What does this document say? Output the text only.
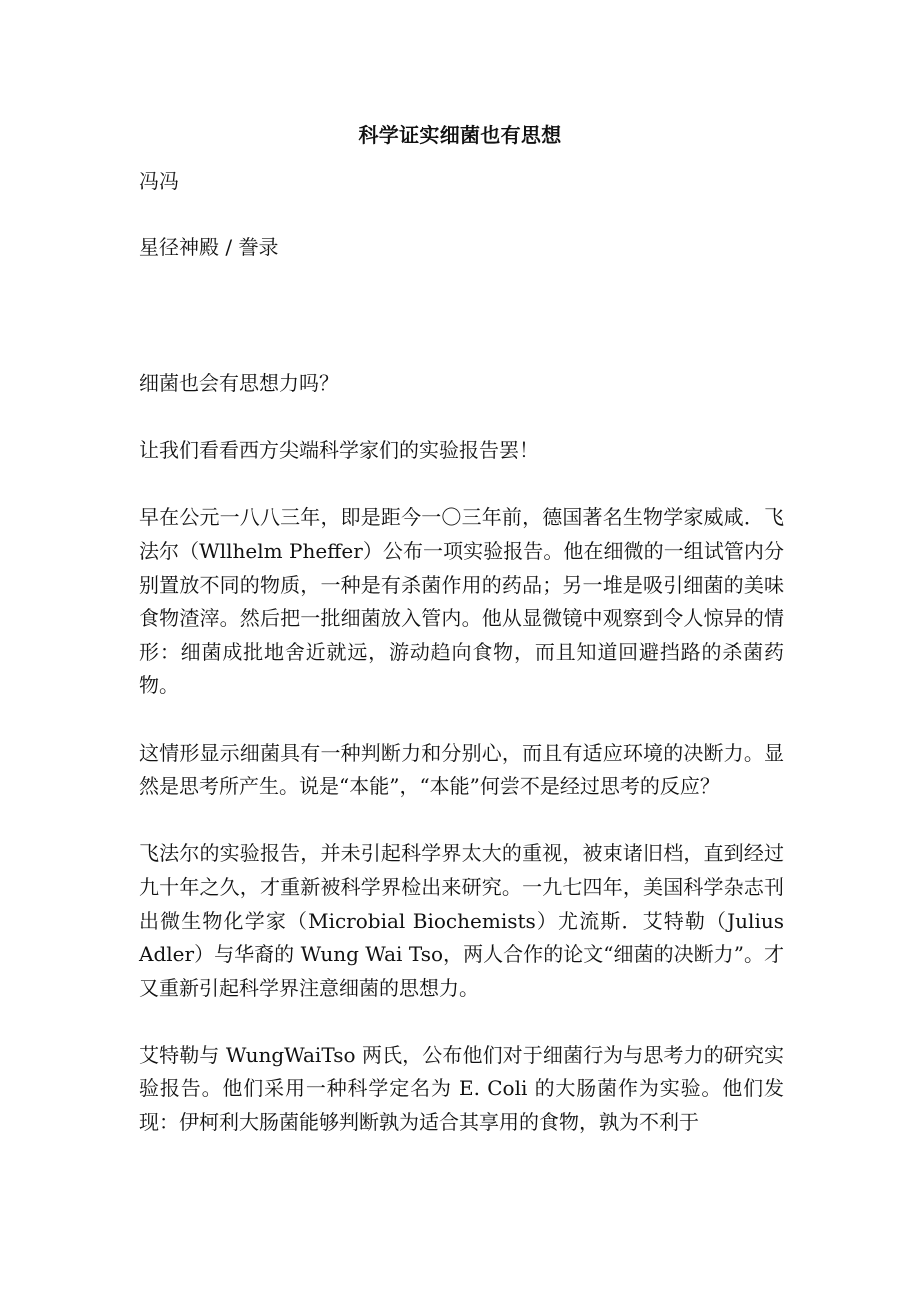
科学证实细菌也有思想
冯冯
星径神殿 / 誊录

细菌也会有思想力吗？

让我们看看西方尖端科学家们的实验报告罢！

早在公元一八八三年，即是距今一〇三年前，德国著名生物学家威咸．飞法尔（Wllhelm Pheffer）公布一项实验报告。他在细微的一组试管内分别置放不同的物质，一种是有杀菌作用的药品；另一堆是吸引细菌的美味食物渣滓。然后把一批细菌放入管内。他从显微镜中观察到令人惊异的情形：细菌成批地舍近就远，游动趋向食物，而且知道回避挡路的杀菌药物。

这情形显示细菌具有一种判断力和分别心，而且有适应环境的决断力。显然是思考所产生。说是“本能”，“本能”何尝不是经过思考的反应？

飞法尔的实验报告，并未引起科学界太大的重视，被束诸旧档，直到经过九十年之久，才重新被科学界检出来研究。一九七四年，美国科学杂志刊出微生物化学家（Microbial Biochemists）尤流斯．艾特勒（Julius Adler）与华裔的 Wung Wai Tso，两人合作的论文“细菌的决断力”。才又重新引起科学界注意细菌的思想力。

艾特勒与 WungWaiTso 两氏，公布他们对于细菌行为与思考力的研究实验报告。他们采用一种科学定名为 E. Coli 的大肠菌作为实验。他们发现：伊柯利大肠菌能够判断孰为适合其享用的食物，孰为不利于
